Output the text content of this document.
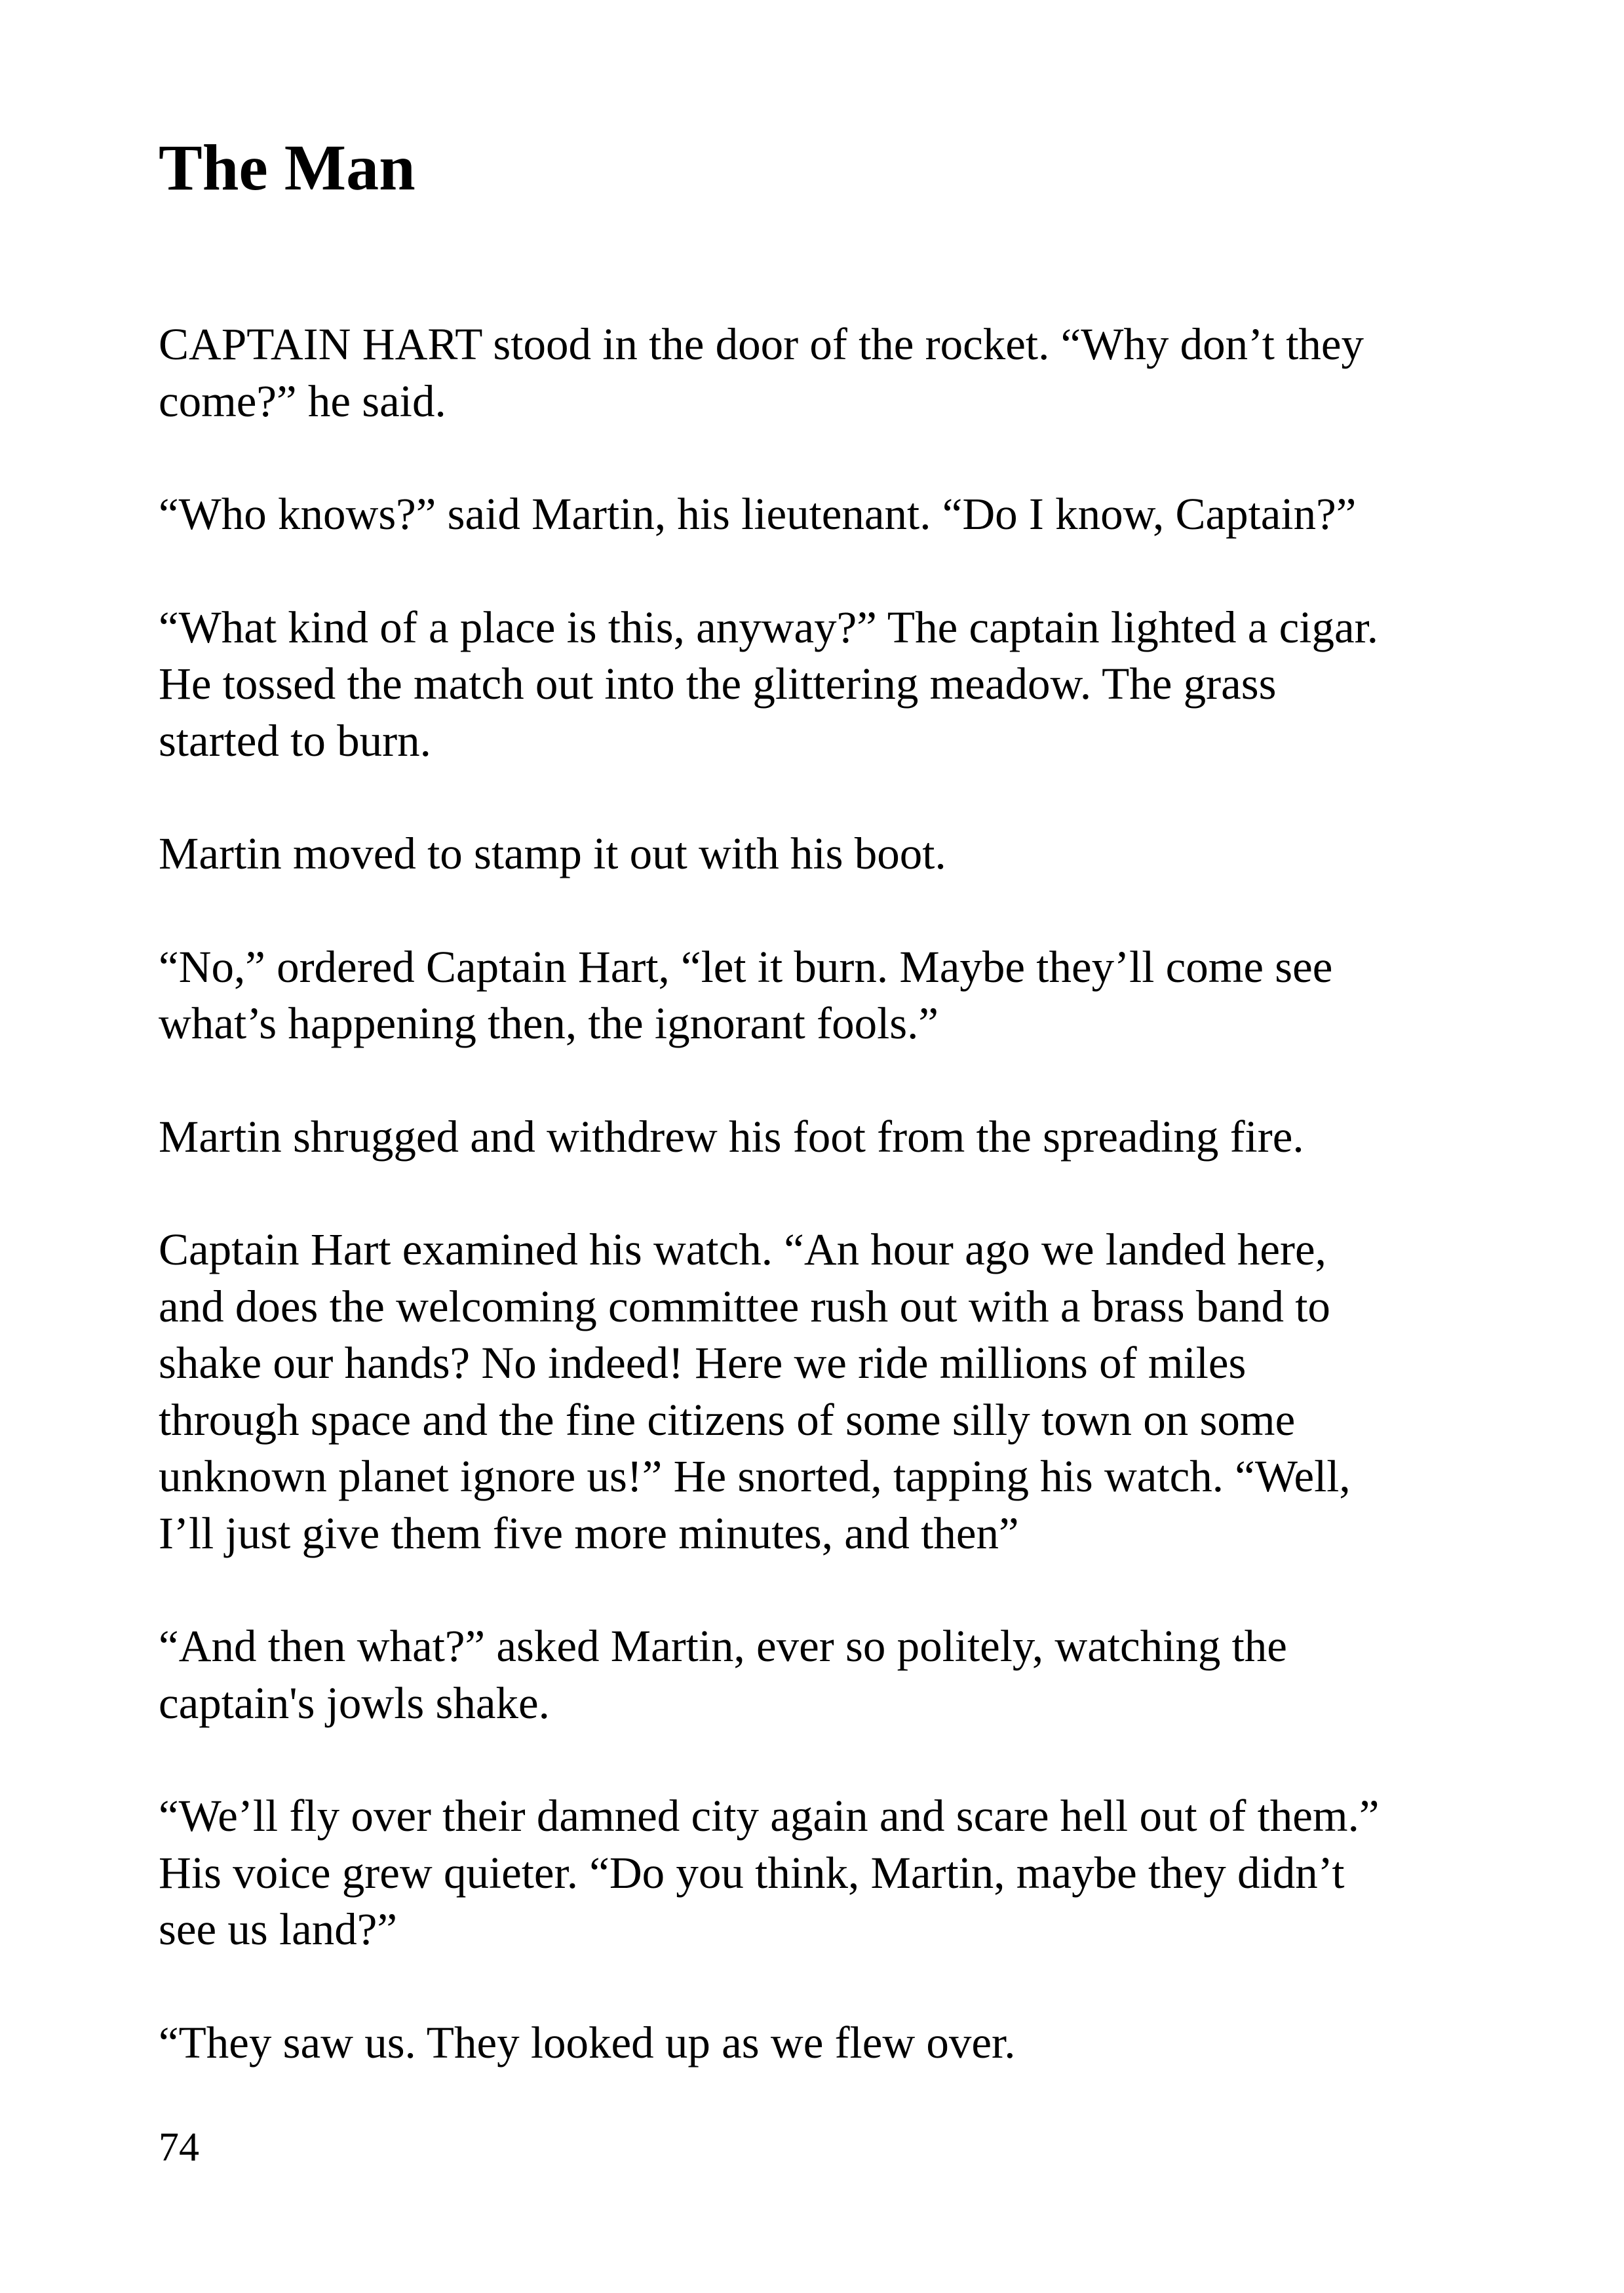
The Man

CAPTAIN HART stood in the door of the rocket. “Why don’t they
come?” he said.

“Who knows?” said Martin, his lieutenant. “Do I know, Captain?”

“What kind of a place is this, anyway?” The captain lighted a cigar.
He tossed the match out into the glittering meadow. The grass
started to burn.

Martin moved to stamp it out with his boot.

“No,” ordered Captain Hart, “let it burn. Maybe they’ll come see
what’s happening then, the ignorant fools.”

Martin shrugged and withdrew his foot from the spreading fire.

Captain Hart examined his watch. “An hour ago we landed here,
and does the welcoming committee rush out with a brass band to
shake our hands? No indeed! Here we ride millions of miles
through space and the fine citizens of some silly town on some
unknown planet ignore us!” He snorted, tapping his watch. “Well,
I’ll just give them five more minutes, and then”

“And then what?” asked Martin, ever so politely, watching the
captain's jowls shake.

“We’ll fly over their damned city again and scare hell out of them.”
His voice grew quieter. “Do you think, Martin, maybe they didn’t
see us land?”

“They saw us. They looked up as we flew over.

74
